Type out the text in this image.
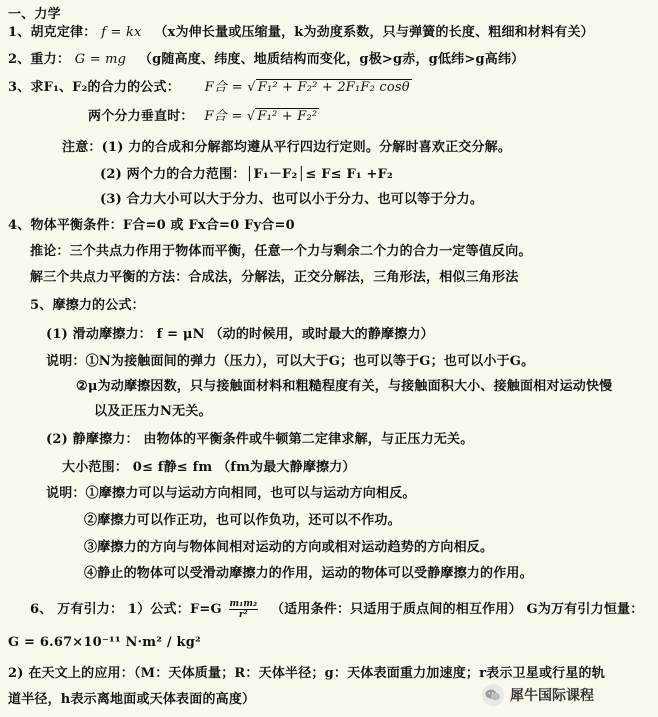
一、力学
1、胡克定律： f = kx （x为伸长量或压缩量，k为劲度系数，只与弹簧的长度、粗细和材料有关）
2、重力： G = mg （g随高度、纬度、地质结构而变化，g极>g赤，g低纬>g高纬）
3、求F₁、F₂的合力的公式： F合 = √ F₁² + F₂² + 2F₁F₂ cosθ
两个分力垂直时： F合 = √ F₁² + F₂²
注意：(1) 力的合成和分解都均遵从平行四边行定则。分解时喜欢正交分解。
(2) 两个力的合力范围：│F₁－F₂│≤ F≤ F₁ +F₂
(3) 合力大小可以大于分力、也可以小于分力、也可以等于分力。
4、物体平衡条件：F合=0 或 Fx合=0 Fy合=0
推论：三个共点力作用于物体而平衡，任意一个力与剩余二个力的合力一定等值反向。
解三个共点力平衡的方法：合成法，分解法，正交分解法，三角形法，相似三角形法
5、摩擦力的公式：
(1) 滑动摩擦力： f = μN （动的时候用，或时最大的静摩擦力）
说明：①N为接触面间的弹力（压力），可以大于G；也可以等于G；也可以小于G。
②μ为动摩擦因数，只与接触面材料和粗糙程度有关，与接触面积大小、接触面相对运动快慢
以及正压力N无关。
(2) 静摩擦力： 由物体的平衡条件或牛顿第二定律求解，与正压力无关。
大小范围： 0≤ f静≤ fm （fm为最大静摩擦力）
说明：①摩擦力可以与运动方向相同，也可以与运动方向相反。
②摩擦力可以作正功，也可以作负功，还可以不作功。
③摩擦力的方向与物体间相对运动的方向或相对运动趋势的方向相反。
④静止的物体可以受滑动摩擦力的作用，运动的物体可以受静摩擦力的作用。
6、 万有引力： 1）公式：$F=G \frac{\text{m₁m₂}}{\text{r²}}$ （适用条件：只适用于质点间的相互作用） G为万有引力恒量：
G = 6.67×10⁻¹¹ N·m² / kg²
2) 在天文上的应用：（M：天体质量；R：天体半径；g：天体表面重力加速度；r表示卫星或行星的轨
道半径，h表示离地面或天体表面的高度）	犀牛国际课程
